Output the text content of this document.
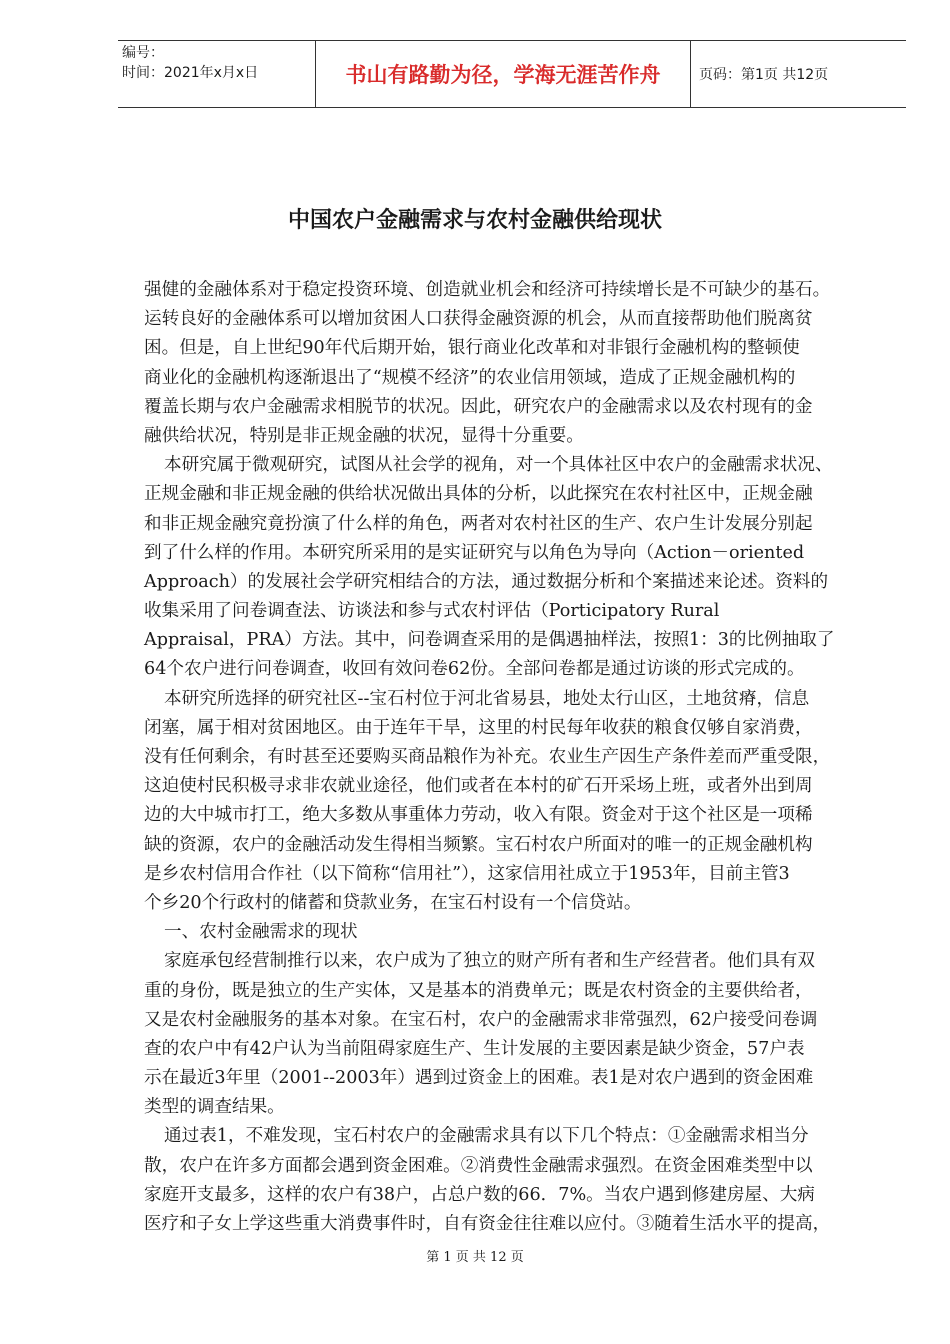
编号：
时间：2021年x月x日	书山有路勤为径，学海无涯苦作舟	页码：第1页 共12页
中国农户金融需求与农村金融供给现状
强健的金融体系对于稳定投资环境、创造就业机会和经济可持续增长是不可缺少的基石。
运转良好的金融体系可以增加贫困人口获得金融资源的机会，从而直接帮助他们脱离贫
困。但是，自上世纪90年代后期开始，银行商业化改革和对非银行金融机构的整顿使
商业化的金融机构逐渐退出了“规模不经济”的农业信用领域，造成了正规金融机构的
覆盖长期与农户金融需求相脱节的状况。因此，研究农户的金融需求以及农村现有的金
融供给状况，特别是非正规金融的状况，显得十分重要。
本研究属于微观研究，试图从社会学的视角，对一个具体社区中农户的金融需求状况、
正规金融和非正规金融的供给状况做出具体的分析，以此探究在农村社区中，正规金融
和非正规金融究竟扮演了什么样的角色，两者对农村社区的生产、农户生计发展分别起
到了什么样的作用。本研究所采用的是实证研究与以角色为导向（Action－oriented
Approach）的发展社会学研究相结合的方法，通过数据分析和个案描述来论述。资料的
收集采用了问卷调查法、访谈法和参与式农村评估（Porticipatory Rural
Appraisal，PRA）方法。其中，问卷调查采用的是偶遇抽样法，按照1：3的比例抽取了
64个农户进行问卷调查，收回有效问卷62份。全部问卷都是通过访谈的形式完成的。
本研究所选择的研究社区--宝石村位于河北省易县，地处太行山区，土地贫瘠，信息
闭塞，属于相对贫困地区。由于连年干旱，这里的村民每年收获的粮食仅够自家消费，
没有任何剩余，有时甚至还要购买商品粮作为补充。农业生产因生产条件差而严重受限，
这迫使村民积极寻求非农就业途径，他们或者在本村的矿石开采场上班，或者外出到周
边的大中城市打工，绝大多数从事重体力劳动，收入有限。资金对于这个社区是一项稀
缺的资源，农户的金融活动发生得相当频繁。宝石村农户所面对的唯一的正规金融机构
是乡农村信用合作社（以下简称“信用社”），这家信用社成立于1953年，目前主管3
个乡20个行政村的储蓄和贷款业务，在宝石村设有一个信贷站。
一、农村金融需求的现状
家庭承包经营制推行以来，农户成为了独立的财产所有者和生产经营者。他们具有双
重的身份，既是独立的生产实体，又是基本的消费单元；既是农村资金的主要供给者，
又是农村金融服务的基本对象。在宝石村，农户的金融需求非常强烈，62户接受问卷调
查的农户中有42户认为当前阻碍家庭生产、生计发展的主要因素是缺少资金，57户表
示在最近3年里（2001--2003年）遇到过资金上的困难。表1是对农户遇到的资金困难
类型的调查结果。
通过表1，不难发现，宝石村农户的金融需求具有以下几个特点：①金融需求相当分
散，农户在许多方面都会遇到资金困难。②消费性金融需求强烈。在资金困难类型中以
家庭开支最多，这样的农户有38户，占总户数的66．7%。当农户遇到修建房屋、大病
医疗和子女上学这些重大消费事件时，自有资金往往难以应付。③随着生活水平的提高，
第 1 页 共 12 页
